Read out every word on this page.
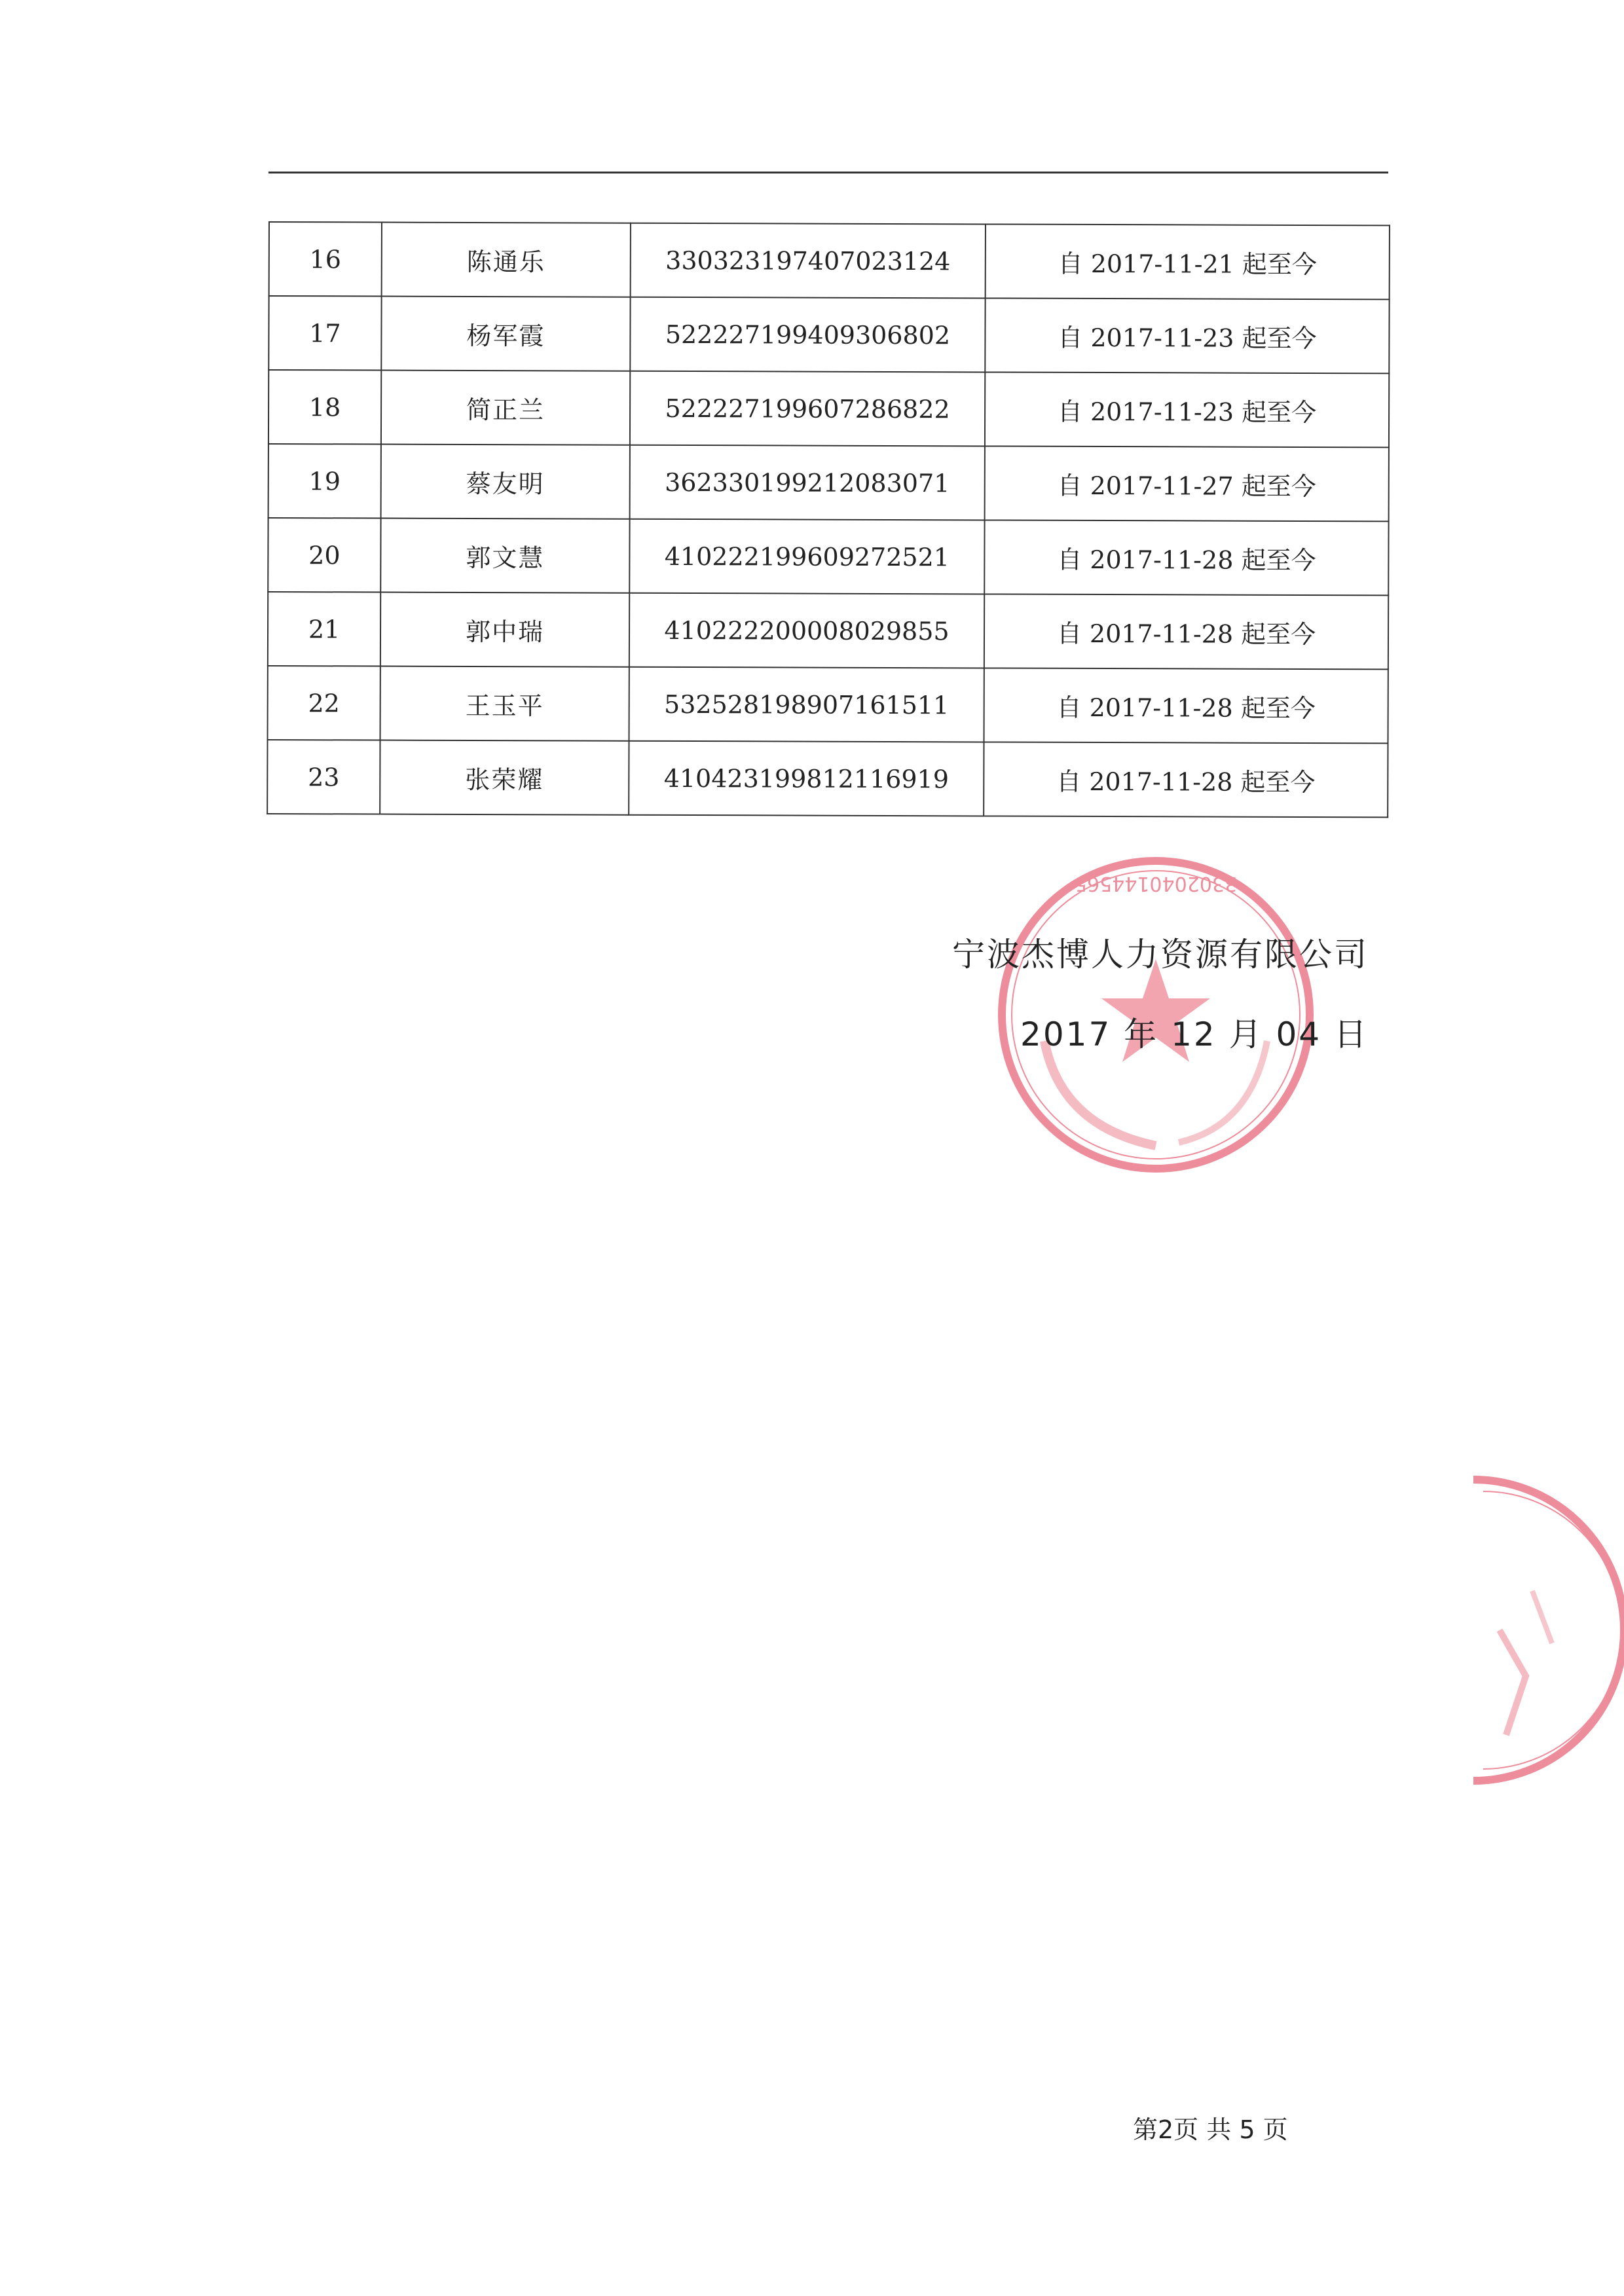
16	陈通乐	330323197407023124	自 2017-11-21 起至今
17	杨军霞	522227199409306802	自 2017-11-23 起至今
18	简正兰	522227199607286822	自 2017-11-23 起至今
19	蔡友明	362330199212083071	自 2017-11-27 起至今
20	郭文慧	410222199609272521	自 2017-11-28 起至今
21	郭中瑞	410222200008029855	自 2017-11-28 起至今
22	王玉平	532528198907161511	自 2017-11-28 起至今
23	张荣耀	410423199812116919	自 2017-11-28 起至今
3302040144565
宁波杰博人力资源有限公司
2017 年 12 月 04 日
第2页 共 5 页
